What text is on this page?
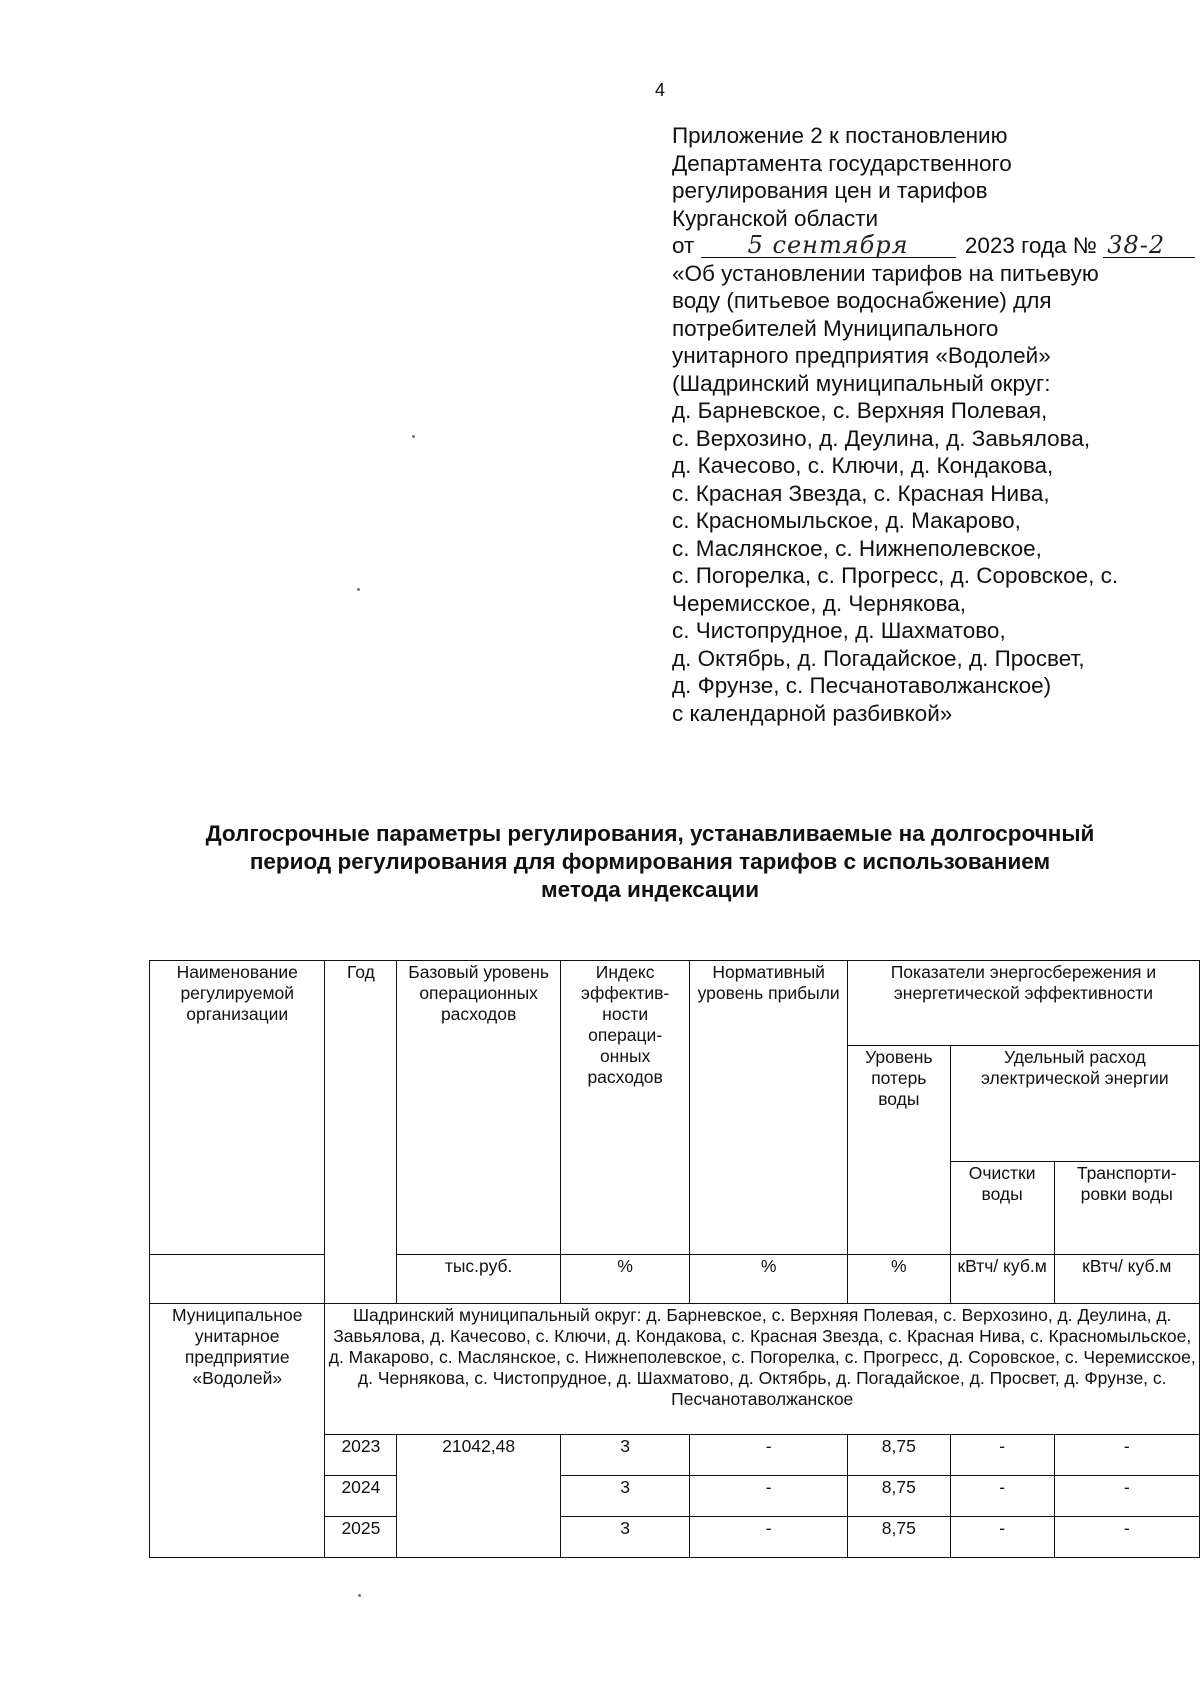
4
Приложение 2 к постановлению
Департамента государственного
регулирования цен и тарифов
Курганской области
от 5 сентября	2023 года № 38-2
«Об установлении тарифов на питьевую
воду (питьевое водоснабжение) для
потребителей Муниципального
унитарного предприятия «Водолей»
(Шадринский муниципальный округ:
д. Барневское, с. Верхняя Полевая,
с. Верхозино, д. Деулина, д. Завьялова,
д. Качесово, с. Ключи, д. Кондакова,
с. Красная Звезда, с. Красная Нива,
с. Красномыльское, д. Макарово,
с. Маслянское, с. Нижнеполевское,
с. Погорелка, с. Прогресс, д. Соровское, с.
Черемисское, д. Чернякова,
с. Чистопрудное, д. Шахматово,
д. Октябрь, д. Погадайское, д. Просвет,
д. Фрунзе, с. Песчанотаволжанское)
с календарной разбивкой»
Долгосрочные параметры регулирования, устанавливаемые на долгосрочный
период регулирования для формирования тарифов с использованием
метода индексации
Наименование регулируемой организации	Год	Базовый уровень операционных расходов	Индекс эффектив-ности операци-онных расходов	Нормативный уровень прибыли	Показатели энергосбережения и энергетической эффективности		
					Уровень потерь воды	Удельный расход электрической энергии	
						Очистки воды	Транспорти-ровки воды

		тыс.руб.	%	%	%	кВтч/ куб.м	кВтч/ куб.м
Муниципальное унитарное предприятие «Водолей»	Шадринский муниципальный округ: д. Барневское, с. Верхняя Полевая, с. Верхозино, д. Деулина, д. Завьялова, д. Качесово, с. Ключи, д. Кондакова, с. Красная Звезда, с. Красная Нива, с. Красномыльское, д. Макарово, с. Маслянское, с. Нижнеполевское, с. Погорелка, с. Прогресс, д. Соровское, с. Черемисское, д. Чернякова, с. Чистопрудное, д. Шахматово, д. Октябрь, д. Погадайское, д. Просвет, д. Фрунзе, с. Песчанотаволжанское						
	2023	21042,48	3	-	8,75	-	-
	2024		3	-	8,75	-	-
	2025		3	-	8,75	-	-
